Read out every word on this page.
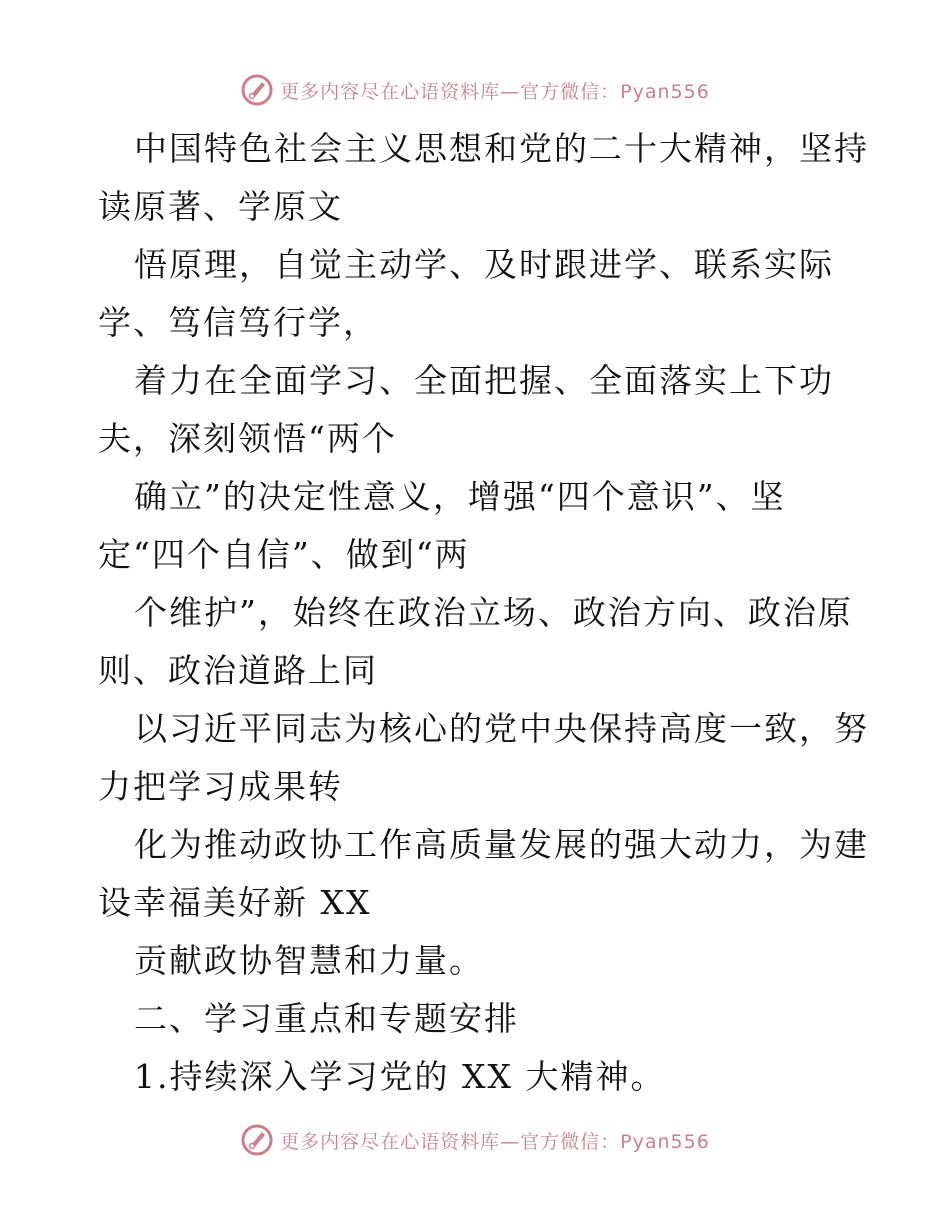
更多内容尽在心语资料库—官方微信：Pyan556
中国特色社会主义思想和党的二十大精神，坚持
读原著、学原文
悟原理，自觉主动学、及时跟进学、联系实际
学、笃信笃行学，
着力在全面学习、全面把握、全面落实上下功
夫，深刻领悟“两个
确立”的决定性意义，增强“四个意识”、坚
定“四个自信”、做到“两
个维护”，始终在政治立场、政治方向、政治原
则、政治道路上同
以习近平同志为核心的党中央保持高度一致，努
力把学习成果转
化为推动政协工作高质量发展的强大动力，为建
设幸福美好新 XX
贡献政协智慧和力量。
二、学习重点和专题安排
1.持续深入学习党的 XX 大精神。
更多内容尽在心语资料库—官方微信：Pyan556
